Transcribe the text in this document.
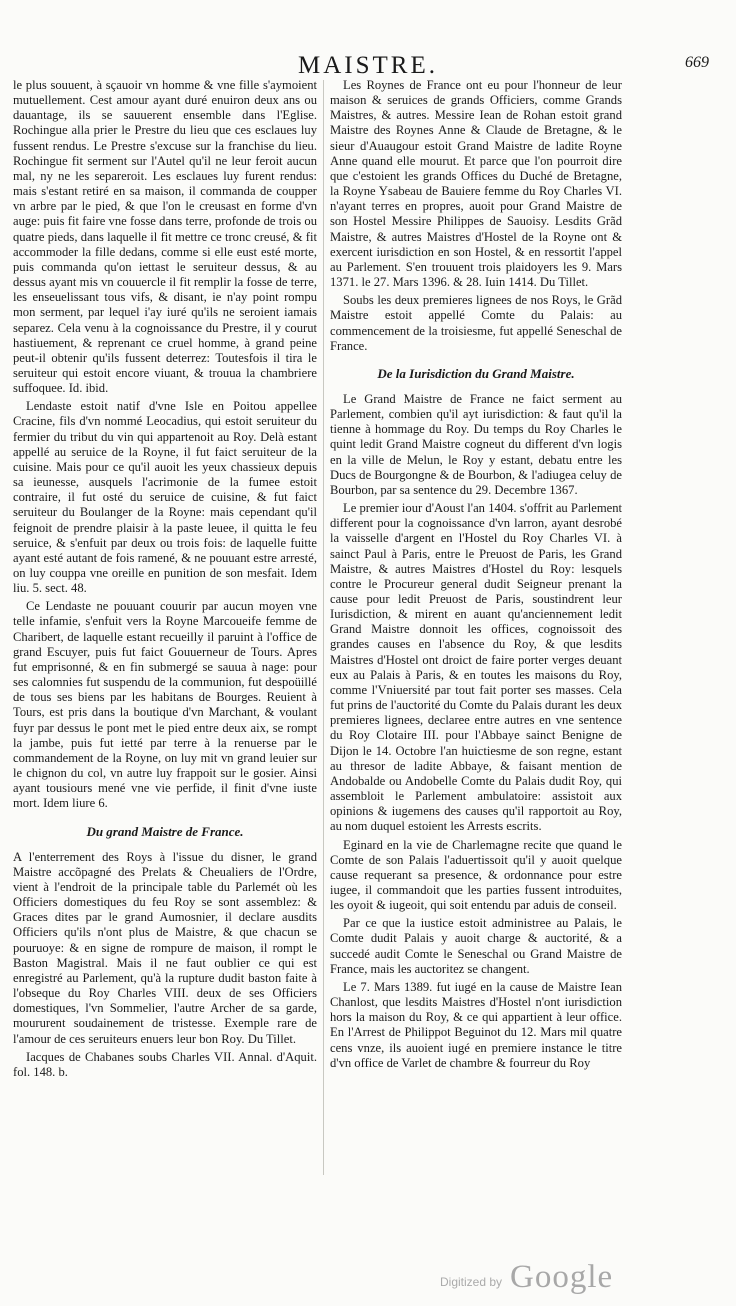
MAISTRE.	669

le plus souuent, à sçauoir vn homme & vne fille s'aymoient mutuellement. Cest amour ayant duré enuiron deux ans ou dauantage, ils se sauuerent ensemble dans l'Eglise. Rochingue alla prier le Prestre du lieu que ces esclaues luy fussent rendus. Le Prestre s'excuse sur la franchise du lieu. Rochingue fit serment sur l'Autel qu'il ne leur feroit aucun mal, ny ne les separeroit. Les esclaues luy furent rendus: mais s'estant retiré en sa maison, il commanda de coupper vn arbre par le pied, & que l'on le creusast en forme d'vn auge: puis fit faire vne fosse dans terre, profonde de trois ou quatre pieds, dans laquelle il fit mettre ce tronc creusé, & fit accommoder la fille dedans, comme si elle eust esté morte, puis commanda qu'on iettast le seruiteur dessus, & au dessus ayant mis vn couuercle il fit remplir la fosse de terre, les enseuelissant tous vifs, & disant, ie n'ay point rompu mon serment, par lequel i'ay iuré qu'ils ne seroient iamais separez. Cela venu à la cognoissance du Prestre, il y courut hastiuement, & reprenant ce cruel homme, à grand peine peut-il obtenir qu'ils fussent deterrez: Toutesfois il tira le seruiteur qui estoit encore viuant, & trouua la chambriere suffoquee. Id. ibid.

Lendaste estoit natif d'vne Isle en Poitou appellee Cracine, fils d'vn nommé Leocadius, qui estoit seruiteur du fermier du tribut du vin qui appartenoit au Roy. Delà estant appellé au seruice de la Royne, il fut faict seruiteur de la cuisine. Mais pour ce qu'il auoit les yeux chassieux depuis sa ieunesse, ausquels l'acrimonie de la fumee estoit contraire, il fut osté du seruice de cuisine, & fut faict seruiteur du Boulanger de la Royne: mais cependant qu'il feignoit de prendre plaisir à la paste leuee, il quitta le feu seruice, & s'enfuit par deux ou trois fois: de laquelle fuitte ayant esté autant de fois ramené, & ne pouuant estre arresté, on luy couppa vne oreille en punition de son mesfait. Idem liu. 5. sect. 48.

Ce Lendaste ne pouuant couurir par aucun moyen vne telle infamie, s'enfuit vers la Royne Marcoueife femme de Charibert, de laquelle estant recueilly il paruint à l'office de grand Escuyer, puis fut faict Gouuerneur de Tours. Apres fut emprisonné, & en fin submergé se sauua à nage: pour ses calomnies fut suspendu de la communion, fut despoüillé de tous ses biens par les habitans de Bourges. Reuient à Tours, est pris dans la boutique d'vn Marchant, & voulant fuyr par dessus le pont met le pied entre deux aix, se rompt la jambe, puis fut ietté par terre à la renuerse par le commandement de la Royne, on luy mit vn grand leuier sur le chignon du col, vn autre luy frappoit sur le gosier. Ainsi ayant tousiours mené vne vie perfide, il finit d'vne iuste mort. Idem liure 6.

Du grand Maistre de France.

A l'enterrement des Roys à l'issue du disner, le grand Maistre accõpagné des Prelats & Cheualiers de l'Ordre, vient à l'endroit de la principale table du Parlemét où les Officiers domestiques du feu Roy se sont assemblez: & Graces dites par le grand Aumosnier, il declare ausdits Officiers qu'ils n'ont plus de Maistre, & que chacun se pouruoye: & en signe de rompure de maison, il rompt le Baston Magistral. Mais il ne faut oublier ce qui est enregistré au Parlement, qu'à la rupture dudit baston faite à l'obseque du Roy Charles VIII. deux de ses Officiers domestiques, l'vn Sommelier, l'autre Archer de sa garde, moururent soudainement de tristesse. Exemple rare de l'amour de ces seruiteurs enuers leur bon Roy. Du Tillet.

Iacques de Chabanes soubs Charles VII. Annal. d'Aquit. fol. 148. b.

Les Roynes de France ont eu pour l'honneur de leur maison & seruices de grands Officiers, comme Grands Maistres, & autres. Messire Iean de Rohan estoit grand Maistre des Roynes Anne & Claude de Bretagne, & le sieur d'Auaugour estoit Grand Maistre de ladite Royne Anne quand elle mourut. Et parce que l'on pourroit dire que c'estoient les grands Offices du Duché de Bretagne, la Royne Ysabeau de Bauiere femme du Roy Charles VI. n'ayant terres en propres, auoit pour Grand Maistre de son Hostel Messire Philippes de Sauoisy. Lesdits Grãd Maistre, & autres Maistres d'Hostel de la Royne ont & exercent iurisdiction en son Hostel, & en ressortit l'appel au Parlement. S'en trouuent trois plaidoyers les 9. Mars 1371. le 27. Mars 1396. & 28. Iuin 1414. Du Tillet.

Soubs les deux premieres lignees de nos Roys, le Grãd Maistre estoit appellé Comte du Palais: au commencement de la troisiesme, fut appellé Seneschal de France.

De la Iurisdiction du Grand Maistre.

Le Grand Maistre de France ne faict serment au Parlement, combien qu'il ayt iurisdiction: & faut qu'il la tienne à hommage du Roy. Du temps du Roy Charles le quint ledit Grand Maistre cogneut du different d'vn logis en la ville de Melun, le Roy y estant, debatu entre les Ducs de Bourgongne & de Bourbon, & l'adiugea celuy de Bourbon, par sa sentence du 29. Decembre 1367.

Le premier iour d'Aoust l'an 1404. s'offrit au Parlement different pour la cognoissance d'vn larron, ayant desrobé la vaisselle d'argent en l'Hostel du Roy Charles VI. à sainct Paul à Paris, entre le Preuost de Paris, les Grand Maistre, & autres Maistres d'Hostel du Roy: lesquels contre le Procureur general dudit Seigneur prenant la cause pour ledit Preuost de Paris, soustindrent leur Iurisdiction, & mirent en auant qu'anciennement ledit Grand Maistre donnoit les offices, cognoissoit des grandes causes en l'absence du Roy, & que lesdits Maistres d'Hostel ont droict de faire porter verges deuant eux au Palais à Paris, & en toutes les maisons du Roy, comme l'Vniuersité par tout fait porter ses masses. Cela fut prins de l'auctorité du Comte du Palais durant les deux premieres lignees, declaree entre autres en vne sentence du Roy Clotaire III. pour l'Abbaye sainct Benigne de Dijon le 14. Octobre l'an huictiesme de son regne, estant au thresor de ladite Abbaye, & faisant mention de Andobalde ou Andobelle Comte du Palais dudit Roy, qui assembloit le Parlement ambulatoire: assistoit aux opinions & iugemens des causes qu'il rapportoit au Roy, au nom duquel estoient les Arrests escrits.

Eginard en la vie de Charlemagne recite que quand le Comte de son Palais l'aduertissoit qu'il y auoit quelque cause requerant sa presence, & ordonnance pour estre iugee, il commandoit que les parties fussent introduites, les oyoit & iugeoit, qui soit entendu par aduis de conseil.

Par ce que la iustice estoit administree au Palais, le Comte dudit Palais y auoit charge & auctorité, & a succedé audit Comte le Seneschal ou Grand Maistre de France, mais les auctoritez se changent.

Le 7. Mars 1389. fut iugé en la cause de Maistre Iean Chanlost, que lesdits Maistres d'Hostel n'ont iurisdiction hors la maison du Roy, & ce qui appartient à leur office. En l'Arrest de Philippot Beguinot du 12. Mars mil quatre cens vnze, ils auoient iugé en premiere instance le titre d'vn office de Varlet de chambre & fourreur du Roy

Digitized by Google
